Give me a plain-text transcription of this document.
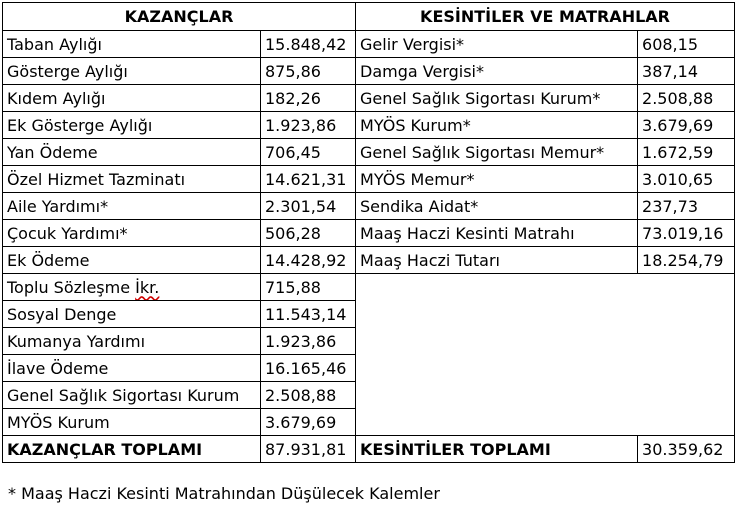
KAZANÇLAR		KESİNTİLER VE MATRAHLAR	
Taban Aylığı	15.848,42	Gelir Vergisi*	608,15
Gösterge Aylığı	875,86	Damga Vergisi*	387,14
Kıdem Aylığı	182,26	Genel Sağlık Sigortası Kurum*	2.508,88
Ek Gösterge Aylığı	1.923,86	MYÖS Kurum*	3.679,69
Yan Ödeme	706,45	Genel Sağlık Sigortası Memur*	1.672,59
Özel Hizmet Tazminatı	14.621,31	MYÖS Memur*	3.010,65
Aile Yardımı*	2.301,54	Sendika Aidat*	237,73
Çocuk Yardımı*	506,28	Maaş Haczi Kesinti Matrahı	73.019,16
Ek Ödeme	14.428,92	Maaş Haczi Tutarı	18.254,79
Toplu Sözleşme İkr.	715,88		
Sosyal Denge	11.543,14		
Kumanya Yardımı	1.923,86		
İlave Ödeme	16.165,46		
Genel Sağlık Sigortası Kurum	2.508,88		
MYÖS Kurum	3.679,69		
KAZANÇLAR TOPLAMI	87.931,81	KESİNTİLER TOPLAMI	30.359,62
* Maaş Haczi Kesinti Matrahından Düşülecek Kalemler
